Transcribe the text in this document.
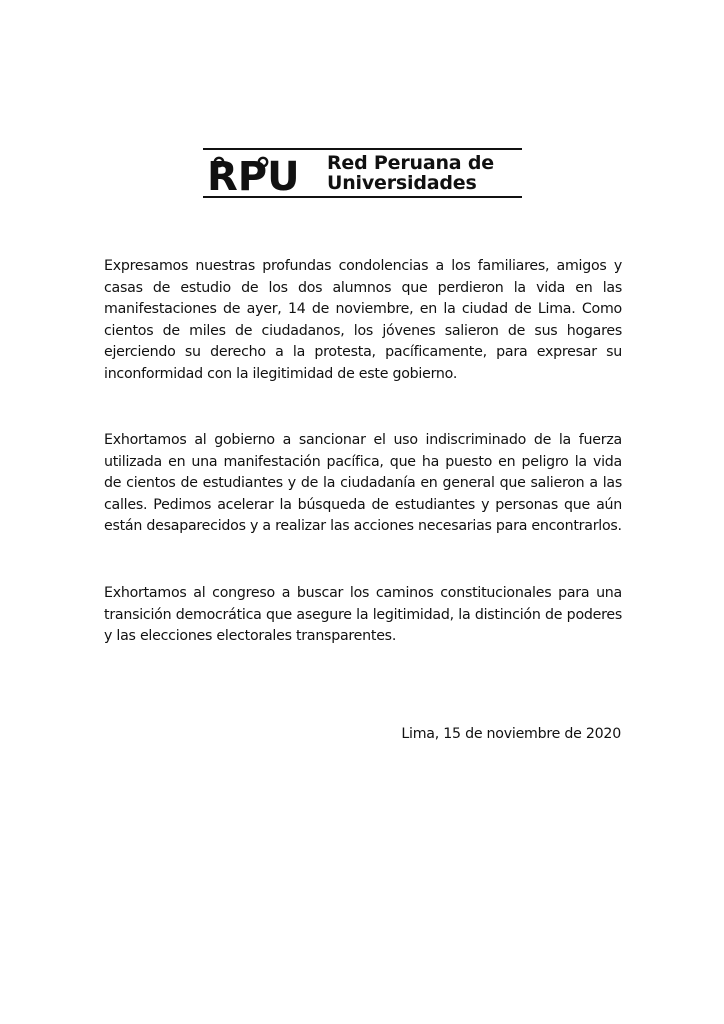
RPU Red Peruana de
Universidades

Expresamos nuestras profundas condolencias a los familiares, amigos y casas de estudio de los dos alumnos que perdieron la vida en las manifestaciones de ayer, 14 de noviembre, en la ciudad de Lima. Como cientos de miles de ciudadanos, los jóvenes salieron de sus hogares ejerciendo su derecho a la protesta, pacíficamente, para expresar su inconformidad con la ilegitimidad de este gobierno.

Exhortamos al gobierno a sancionar el uso indiscriminado de la fuerza utilizada en una manifestación pacífica, que ha puesto en peligro la vida de cientos de estudiantes y de la ciudadanía en general que salieron a las calles. Pedimos acelerar la búsqueda de estudiantes y personas que aún están desaparecidos y a realizar las acciones necesarias para encontrarlos.

Exhortamos al congreso a buscar los caminos constitucionales para una transición democrática que asegure la legitimidad, la distinción de poderes y las elecciones electorales transparentes.

Lima, 15 de noviembre de 2020
